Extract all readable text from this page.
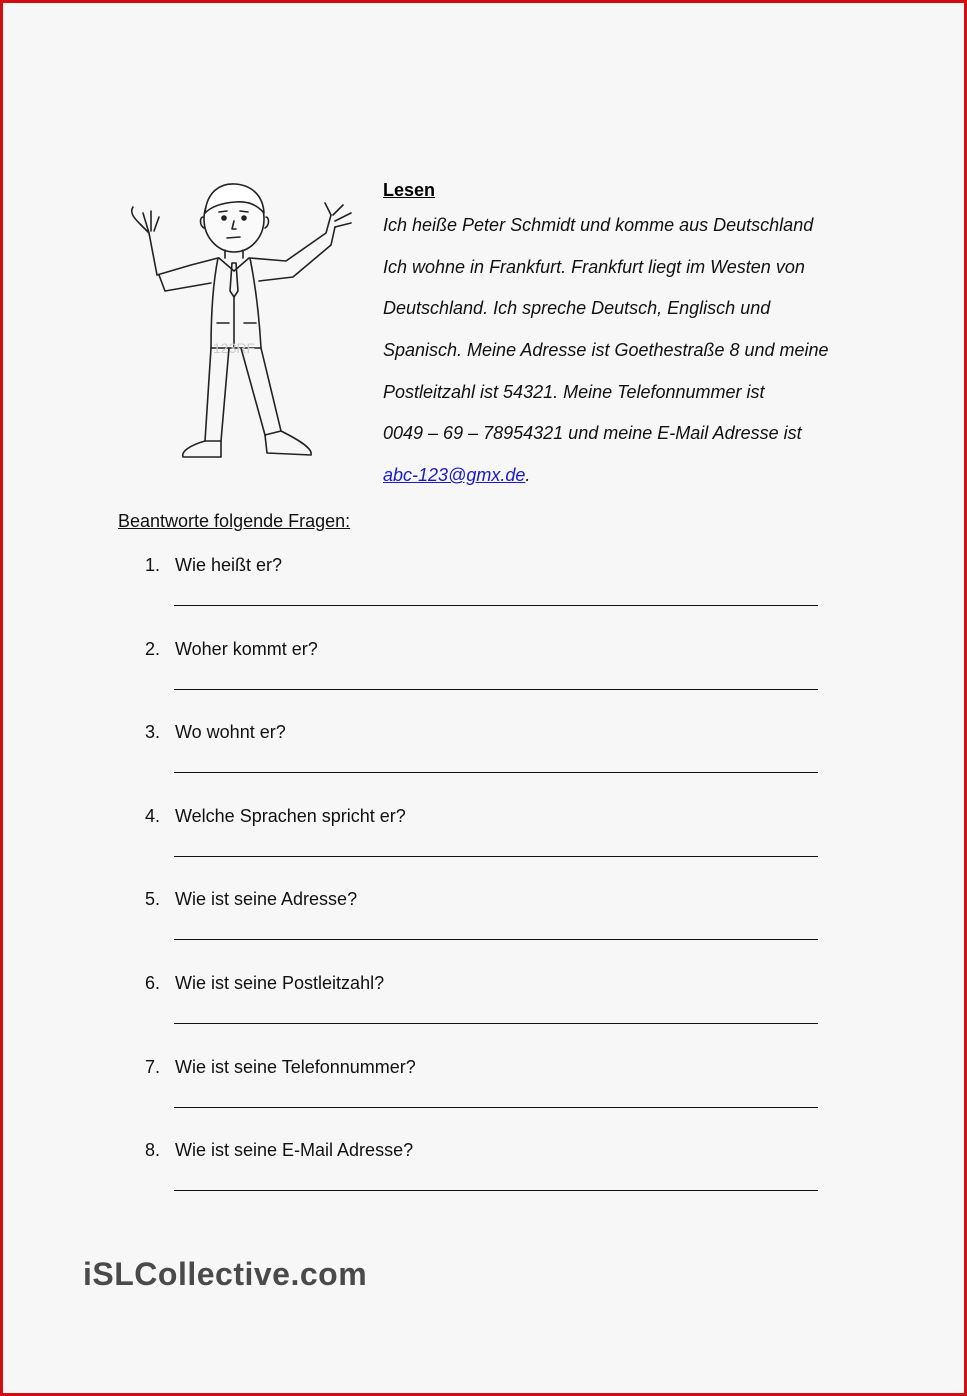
123RF
Lesen
Ich heiße Peter Schmidt und komme aus Deutschland
Ich wohne in Frankfurt. Frankfurt liegt im Westen von
Deutschland. Ich spreche Deutsch, Englisch und
Spanisch. Meine Adresse ist Goethestraße 8 und meine
Postleitzahl ist 54321. Meine Telefonnummer ist
0049 – 69 – 78954321 und meine E-Mail Adresse ist
abc-123@gmx.de.
Beantworte folgende Fragen:
1. Wie heißt er?
2. Woher kommt er?
3. Wo wohnt er?
4. Welche Sprachen spricht er?
5. Wie ist seine Adresse?
6. Wie ist seine Postleitzahl?
7. Wie ist seine Telefonnummer?
8. Wie ist seine E-Mail Adresse?
iSLCollective.com
